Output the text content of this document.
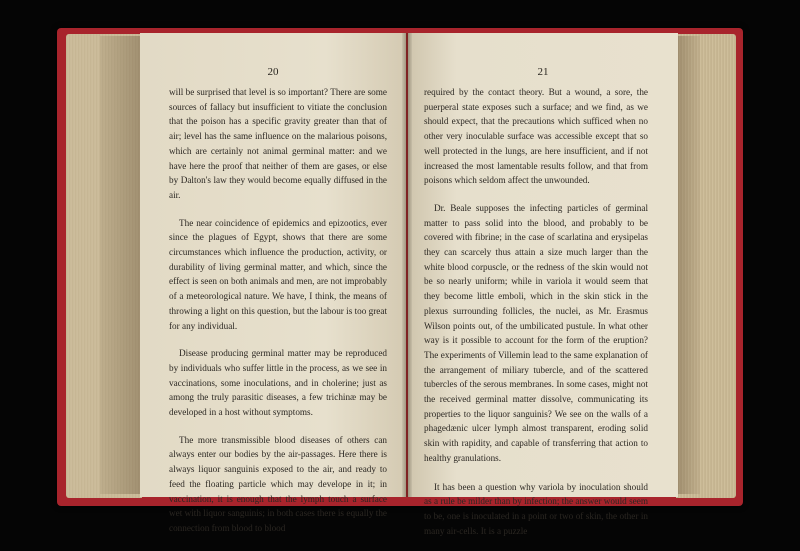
20

will be surprised that level is so important? There are some sources of fallacy but insufficient to vitiate the conclusion that the poison has a specific gravity greater than that of air; level has the same influence on the malarious poisons, which are certainly not animal germinal matter: and we have here the proof that neither of them are gases, or else by Dalton's law they would become equally diffused in the air.

The near coincidence of epidemics and epizootics, ever since the plagues of Egypt, shows that there are some circumstances which influence the production, activity, or durability of living germinal matter, and which, since the effect is seen on both animals and men, are not improbably of a meteorological nature. We have, I think, the means of throwing a light on this question, but the labour is too great for any individual.

Disease producing germinal matter may be reproduced by individuals who suffer little in the process, as we see in vaccinations, some inoculations, and in cholerine; just as among the truly parasitic diseases, a few trichinæ may be developed in a host without symptoms.

The more transmissible blood diseases of others can always enter our bodies by the air-passages. Here there is always liquor sanguinis exposed to the air, and ready to feed the floating particle which may develope in it; in vaccination, it is enough that the lymph touch a surface wet with liquor sanguinis; in both cases there is equally the connection from blood to blood

21

required by the contact theory. But a wound, a sore, the puerperal state exposes such a surface; and we find, as we should expect, that the precautions which sufficed when no other very inoculable surface was accessible except that so well protected in the lungs, are here insufficient, and if not increased the most lamentable results follow, and that from poisons which seldom affect the unwounded.

Dr. Beale supposes the infecting particles of germinal matter to pass solid into the blood, and probably to be covered with fibrine; in the case of scarlatina and erysipelas they can scarcely thus attain a size much larger than the white blood corpuscle, or the redness of the skin would not be so nearly uniform; while in variola it would seem that they become little emboli, which in the skin stick in the plexus surrounding follicles, the nuclei, as Mr. Erasmus Wilson points out, of the umbilicated pustule. In what other way is it possible to account for the form of the eruption? The experiments of Villemin lead to the same explanation of the arrangement of miliary tubercle, and of the scattered tubercles of the serous membranes. In some cases, might not the received germinal matter dissolve, communicating its properties to the liquor sanguinis? We see on the walls of a phagedænic ulcer lymph almost transparent, eroding solid skin with rapidity, and capable of transferring that action to healthy granulations.

It has been a question why variola by inoculation should as a rule be milder than by infection; the answer would seem to be, one is inoculated in a point or two of skin, the other in many air-cells. It is a puzzle
